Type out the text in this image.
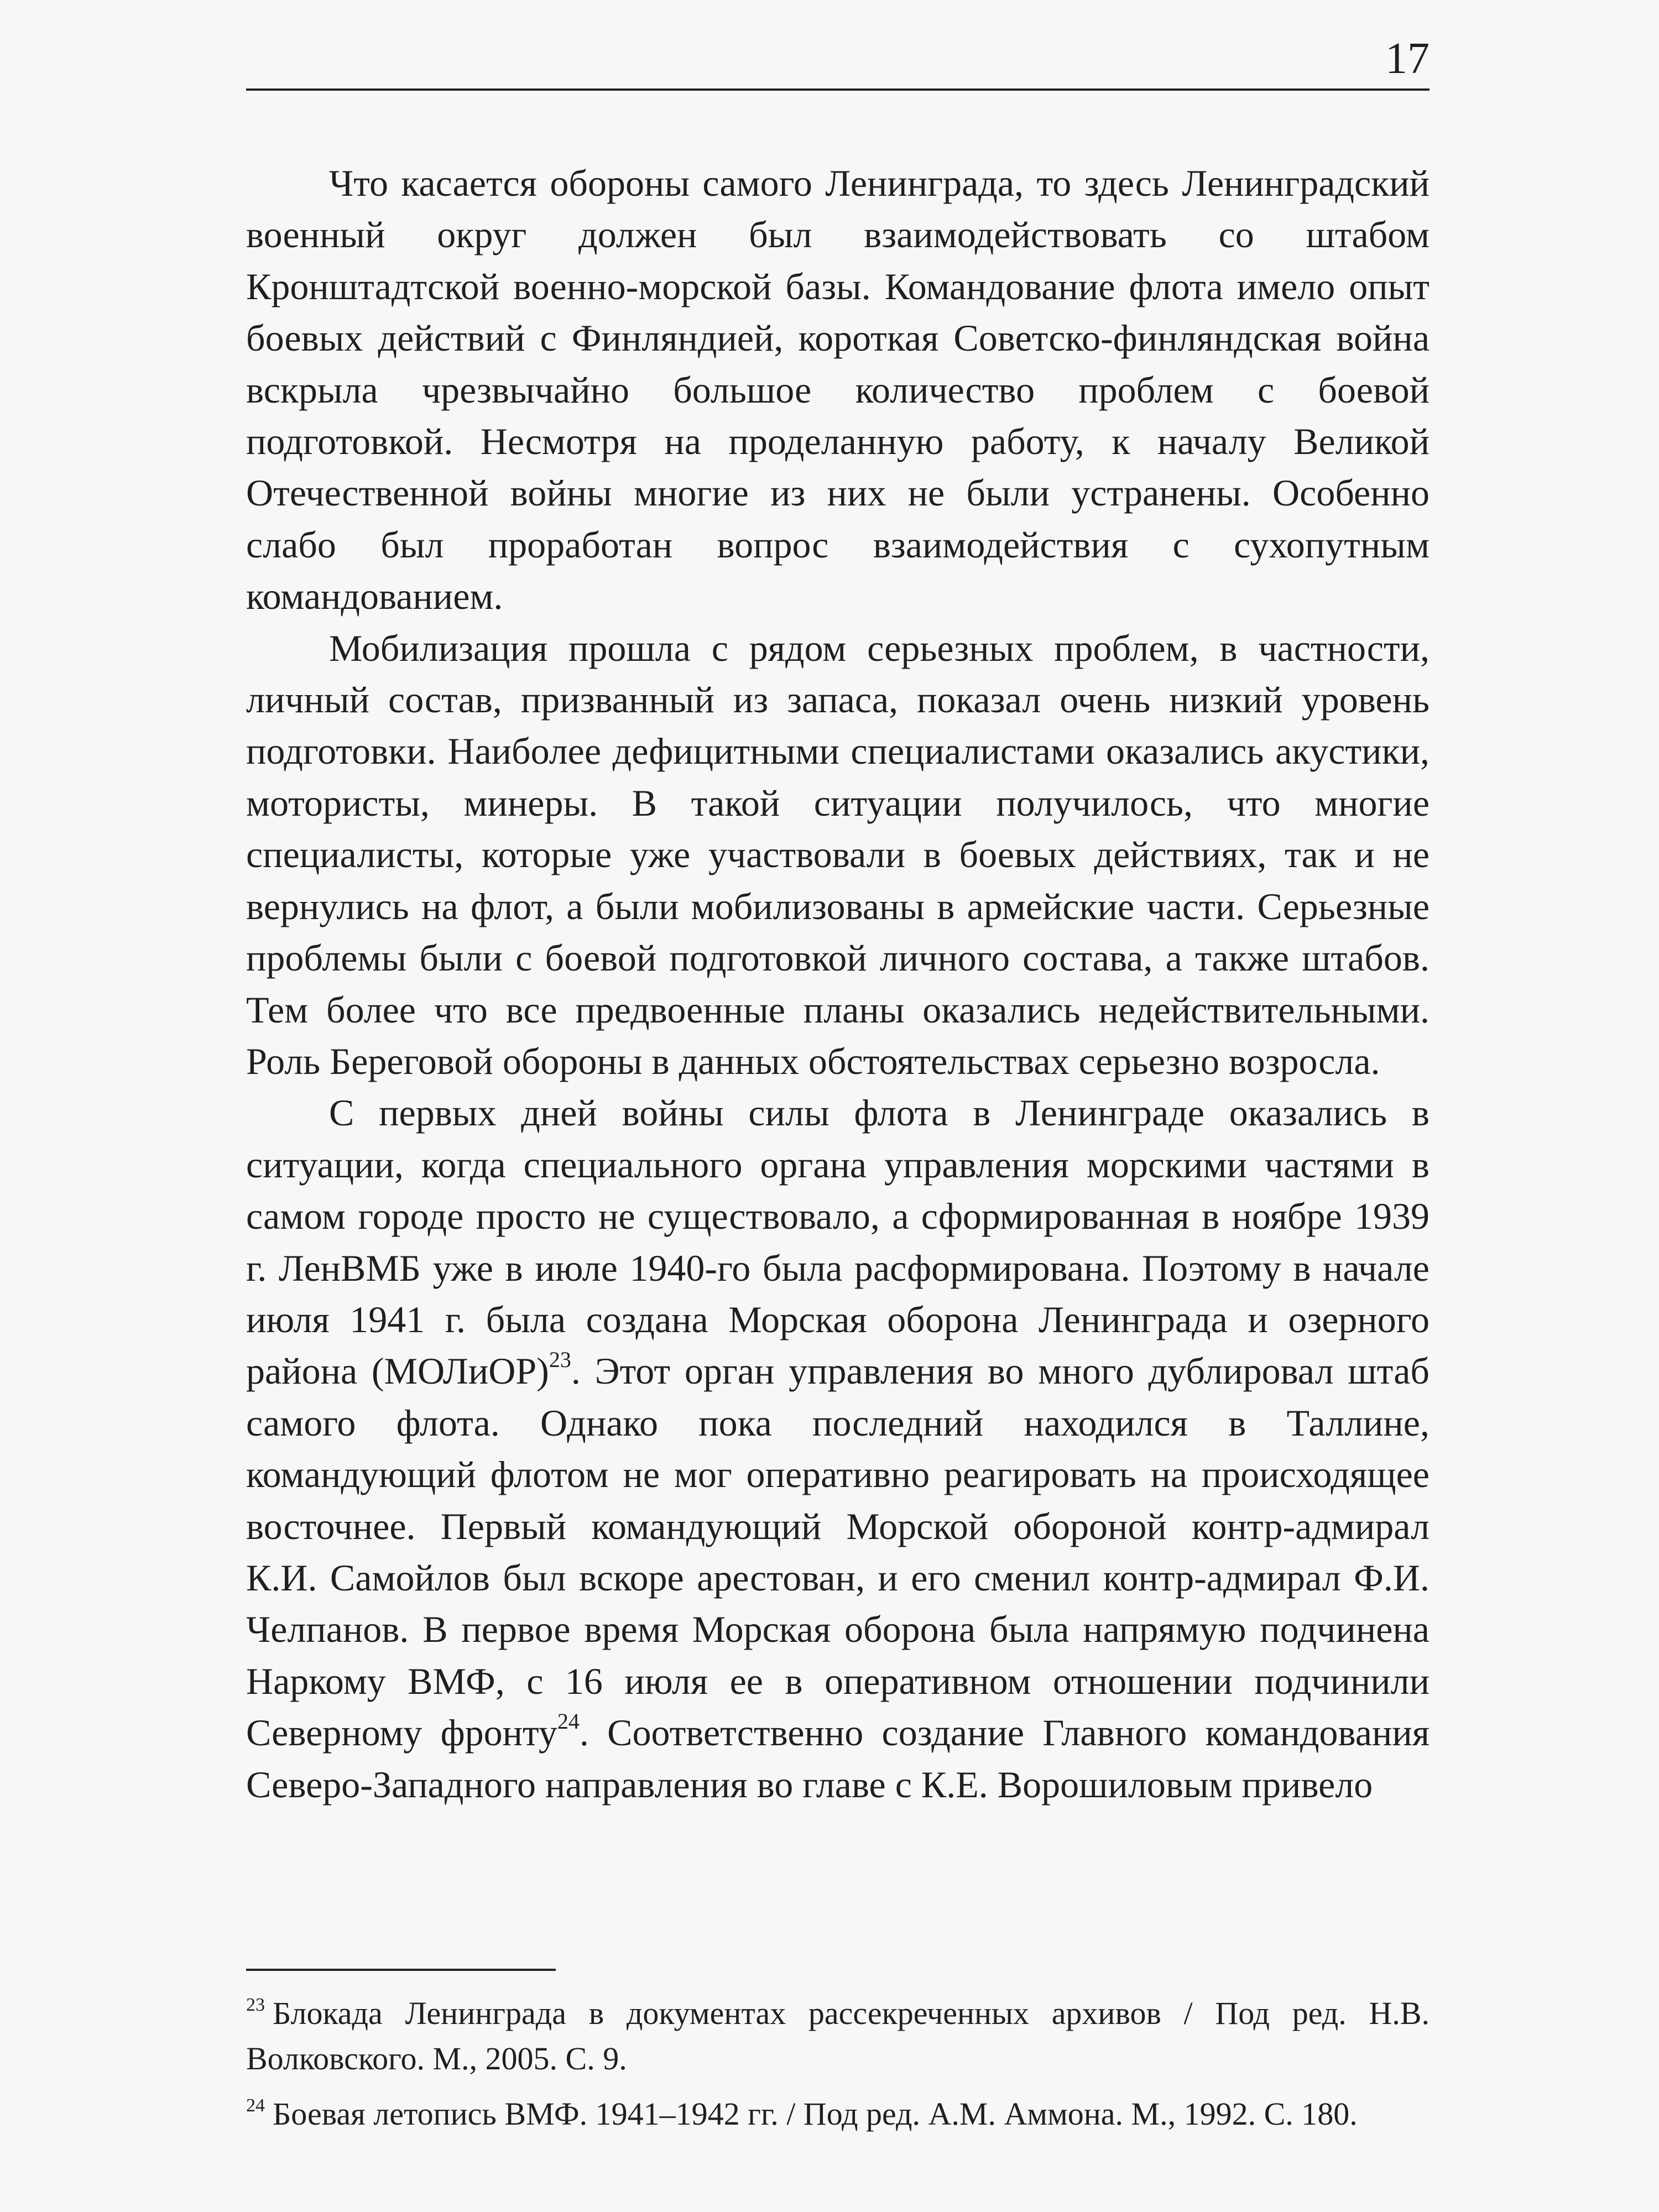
17

Что касается обороны самого Ленинграда, то здесь Ленинградский военный округ должен был взаимодействовать со штабом Кронштадтской военно-морской базы. Командование флота имело опыт боевых действий с Финляндией, короткая Советско-финляндская война вскрыла чрезвычайно большое количество проблем с боевой подготовкой. Несмотря на проделанную работу, к началу Великой Отечественной войны многие из них не были устранены. Особенно слабо был проработан вопрос взаимодействия с сухопутным командованием.

Мобилизация прошла с рядом серьезных проблем, в частности, личный состав, призванный из запаса, показал очень низкий уровень подготовки. Наиболее дефицитными специалистами оказались акустики, мотористы, минеры. В такой ситуации получилось, что многие специалисты, которые уже участвовали в боевых действиях, так и не вернулись на флот, а были мобилизованы в армейские части. Серьезные проблемы были с боевой подготовкой личного состава, а также штабов. Тем более что все предвоенные планы оказались недействительными. Роль Береговой обороны в данных обстоятельствах серьезно возросла.

С первых дней войны силы флота в Ленинграде оказались в ситуации, когда специального органа управления морскими частями в самом городе просто не существовало, а сформированная в ноябре 1939 г. ЛенВМБ уже в июле 1940-го была расформирована. Поэтому в начале июля 1941 г. была создана Морская оборона Ленинграда и озерного района (МОЛиОР)$^{23}$. Этот орган управления во много дублировал штаб самого флота. Однако пока последний находился в Таллине, командующий флотом не мог оперативно реагировать на происходящее восточнее. Первый командующий Морской обороной контр-адмирал К.И. Самойлов был вскоре арестован, и его сменил контр-адмирал Ф.И. Челпанов. В первое время Морская оборона была напрямую подчинена Наркому ВМФ, с 16 июля ее в оперативном отношении подчинили Северному фронту$^{24}$. Соответственно создание Главного командования Северо-Западного направления во главе с К.Е. Ворошиловым привело

$^{23}$ Блокада Ленинграда в документах рассекреченных архивов / Под ред. Н.В. Волковского. М., 2005. С. 9.

$^{24}$ Боевая летопись ВМФ. 1941–1942 гг. / Под ред. А.М. Аммона. М., 1992. С. 180.
